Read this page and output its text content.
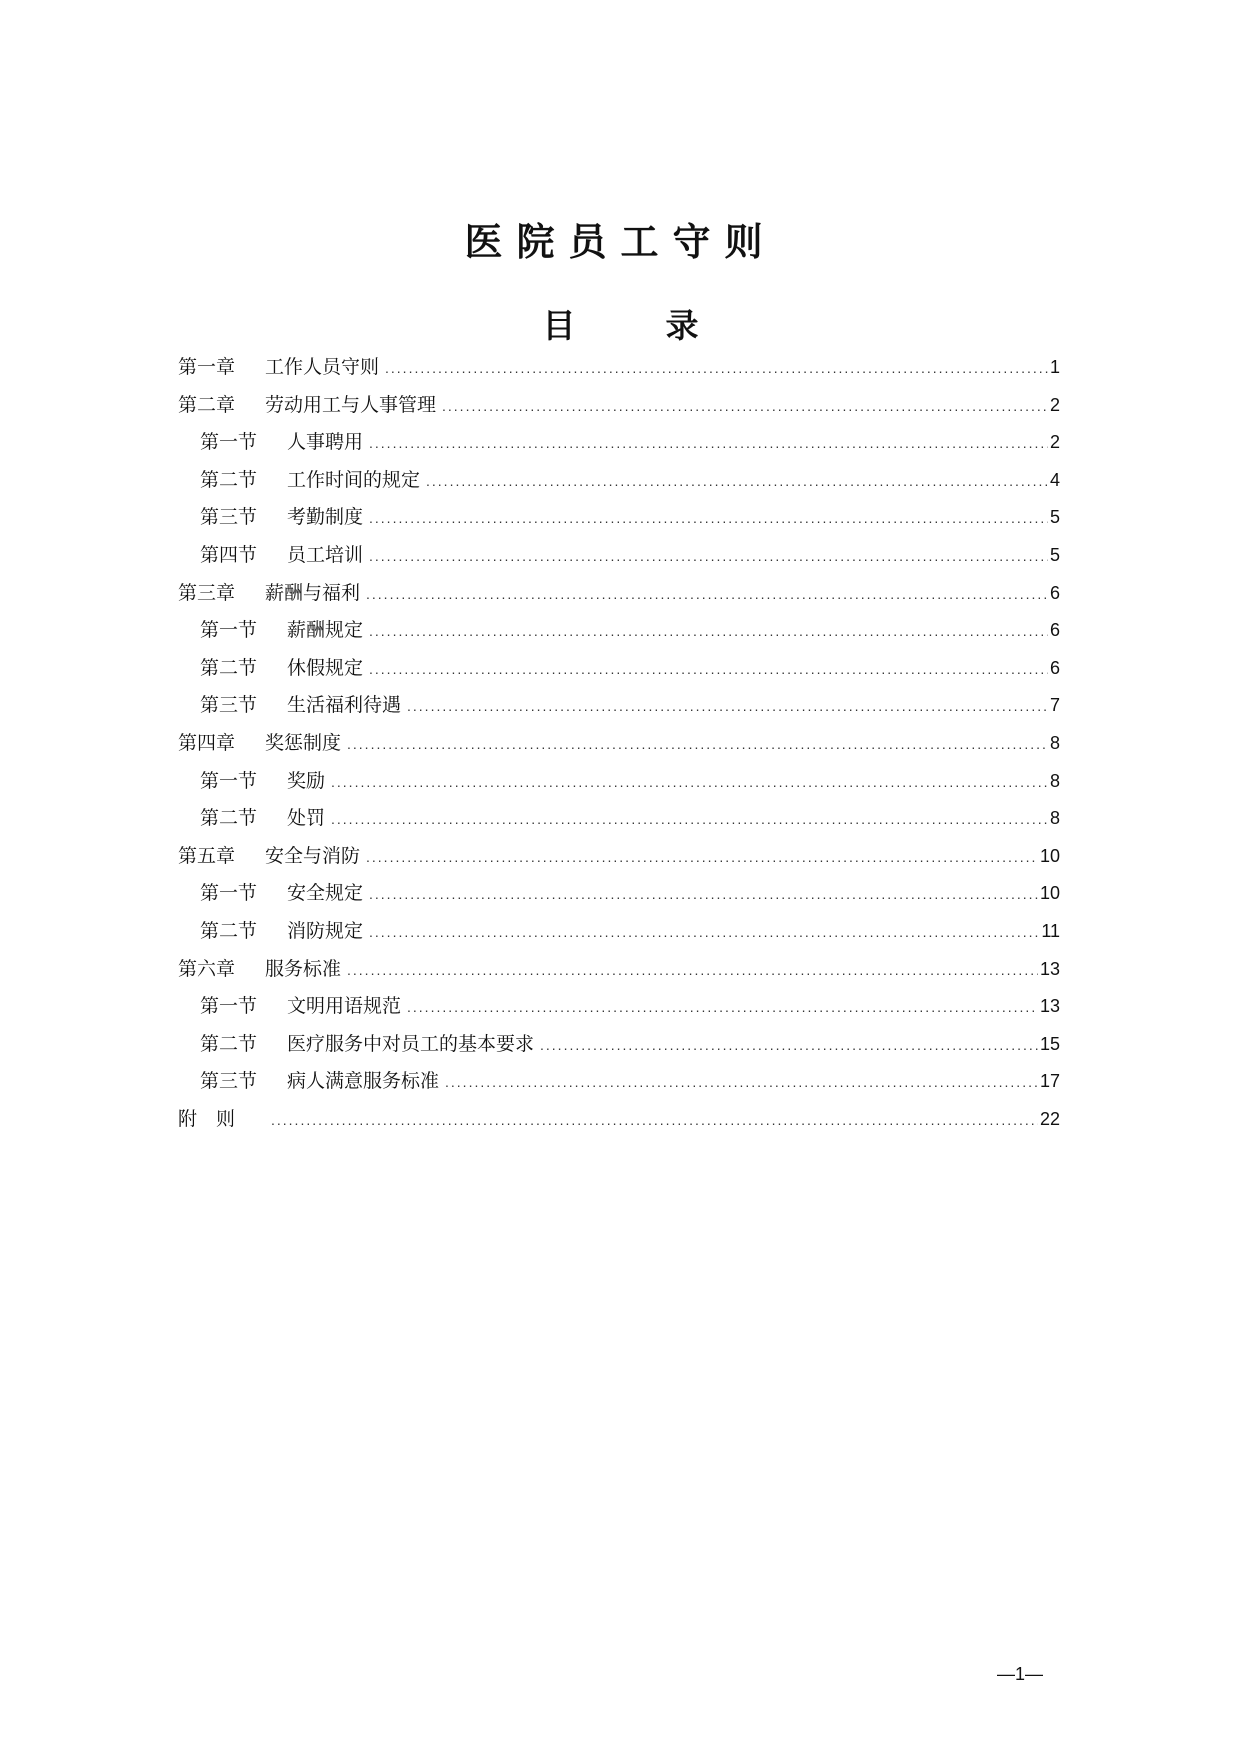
医院员工守则
目	录
第一章	工作人员守则 .....	1
第二章	劳动用工与人事管理 .....	2
第一节	人事聘用 .....	2
第二节	工作时间的规定 .....	4
第三节	考勤制度 .....	5
第四节	员工培训 .....	5
第三章	薪酬与福利 .....	6
第一节	薪酬规定 .....	6
第二节	休假规定 .....	6
第三节	生活福利待遇 .....	7
第四章	奖惩制度 .....	8
第一节	奖励 .....	8
第二节	处罚 .....	8
第五章	安全与消防 .....	10
第一节	安全规定 .....	10
第二节	消防规定 .....	11
第六章	服务标准 .....	13
第一节	文明用语规范 .....	13
第二节	医疗服务中对员工的基本要求 .....	15
第三节	病人满意服务标准 .....	17
附　则 .....	22
—1—
